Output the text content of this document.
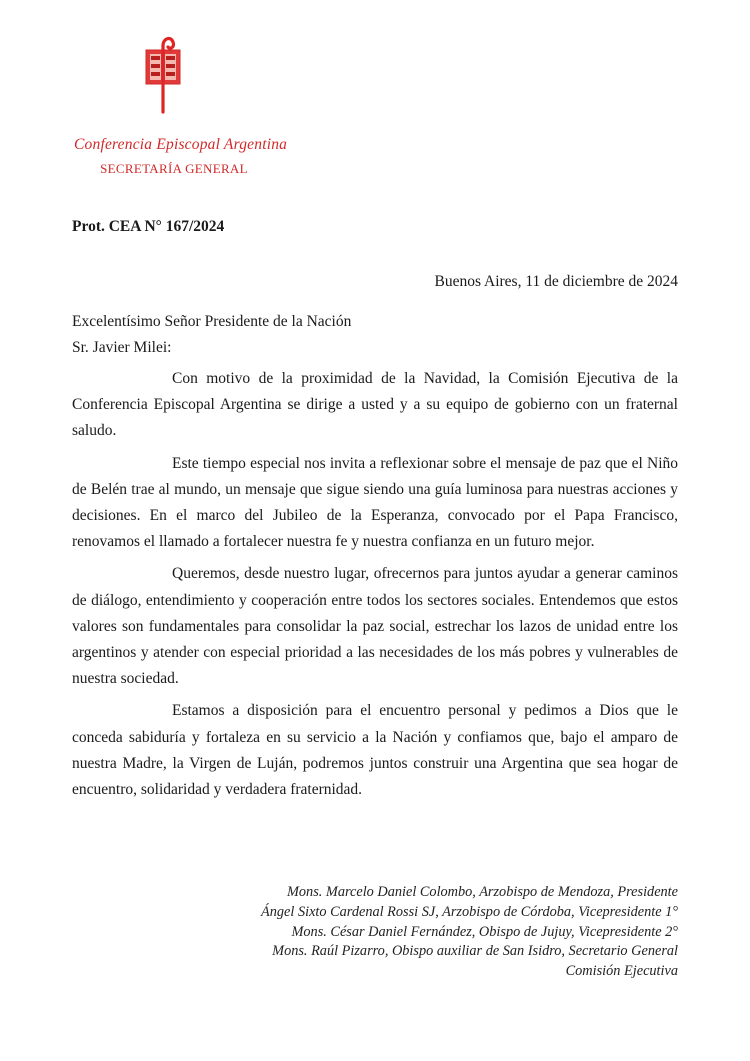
Conferencia Episcopal Argentina
SECRETARÍA GENERAL
Prot. CEA N° 167/2024
Buenos Aires, 11 de diciembre de 2024
Excelentísimo Señor Presidente de la Nación
Sr. Javier Milei:

Con motivo de la proximidad de la Navidad, la Comisión Ejecutiva de la Conferencia Episcopal Argentina se dirige a usted y a su equipo de gobierno con un fraternal saludo.

Este tiempo especial nos invita a reflexionar sobre el mensaje de paz que el Niño de Belén trae al mundo, un mensaje que sigue siendo una guía luminosa para nuestras acciones y decisiones. En el marco del Jubileo de la Esperanza, convocado por el Papa Francisco, renovamos el llamado a fortalecer nuestra fe y nuestra confianza en un futuro mejor.

Queremos, desde nuestro lugar, ofrecernos para juntos ayudar a generar caminos de diálogo, entendimiento y cooperación entre todos los sectores sociales. Entendemos que estos valores son fundamentales para consolidar la paz social, estrechar los lazos de unidad entre los argentinos y atender con especial prioridad a las necesidades de los más pobres y vulnerables de nuestra sociedad.

Estamos a disposición para el encuentro personal y pedimos a Dios que le conceda sabiduría y fortaleza en su servicio a la Nación y confiamos que, bajo el amparo de nuestra Madre, la Virgen de Luján, podremos juntos construir una Argentina que sea hogar de encuentro, solidaridad y verdadera fraternidad.

Mons. Marcelo Daniel Colombo, Arzobispo de Mendoza, Presidente
Ángel Sixto Cardenal Rossi SJ, Arzobispo de Córdoba, Vicepresidente 1°
Mons. César Daniel Fernández, Obispo de Jujuy, Vicepresidente 2°
Mons. Raúl Pizarro, Obispo auxiliar de San Isidro, Secretario General
Comisión Ejecutiva
